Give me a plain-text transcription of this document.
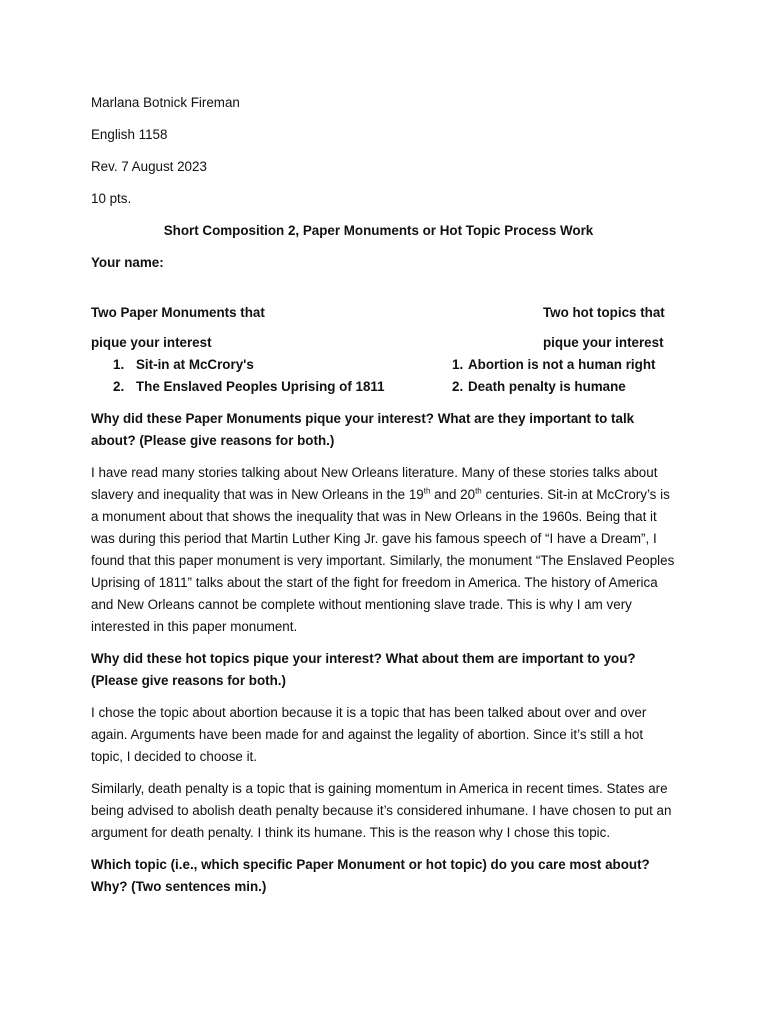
Marlana Botnick Fireman

English 1158

Rev. 7 August 2023

10 pts.

Short Composition 2, Paper Monuments or Hot Topic Process Work

Your name:

Two Paper Monuments that	Two hot topics that
pique your interest	pique your interest
1. Sit-in at McCrory's	1. Abortion is not a human right
2. The Enslaved Peoples Uprising of 1811	2. Death penalty is humane

Why did these Paper Monuments pique your interest? What are they important to talk about? (Please give reasons for both.)

I have read many stories talking about New Orleans literature. Many of these stories talks about slavery and inequality that was in New Orleans in the 19th and 20th centuries. Sit-in at McCrory’s is a monument about that shows the inequality that was in New Orleans in the 1960s. Being that it was during this period that Martin Luther King Jr. gave his famous speech of “I have a Dream”, I found that this paper monument is very important. Similarly, the monument “The Enslaved Peoples Uprising of 1811” talks about the start of the fight for freedom in America. The history of America and New Orleans cannot be complete without mentioning slave trade. This is why I am very interested in this paper monument.

Why did these hot topics pique your interest? What about them are important to you? (Please give reasons for both.)

I chose the topic about abortion because it is a topic that has been talked about over and over again. Arguments have been made for and against the legality of abortion. Since it’s still a hot topic, I decided to choose it.

Similarly, death penalty is a topic that is gaining momentum in America in recent times. States are being advised to abolish death penalty because it’s considered inhumane. I have chosen to put an argument for death penalty. I think its humane. This is the reason why I chose this topic.

Which topic (i.e., which specific Paper Monument or hot topic) do you care most about? Why? (Two sentences min.)
